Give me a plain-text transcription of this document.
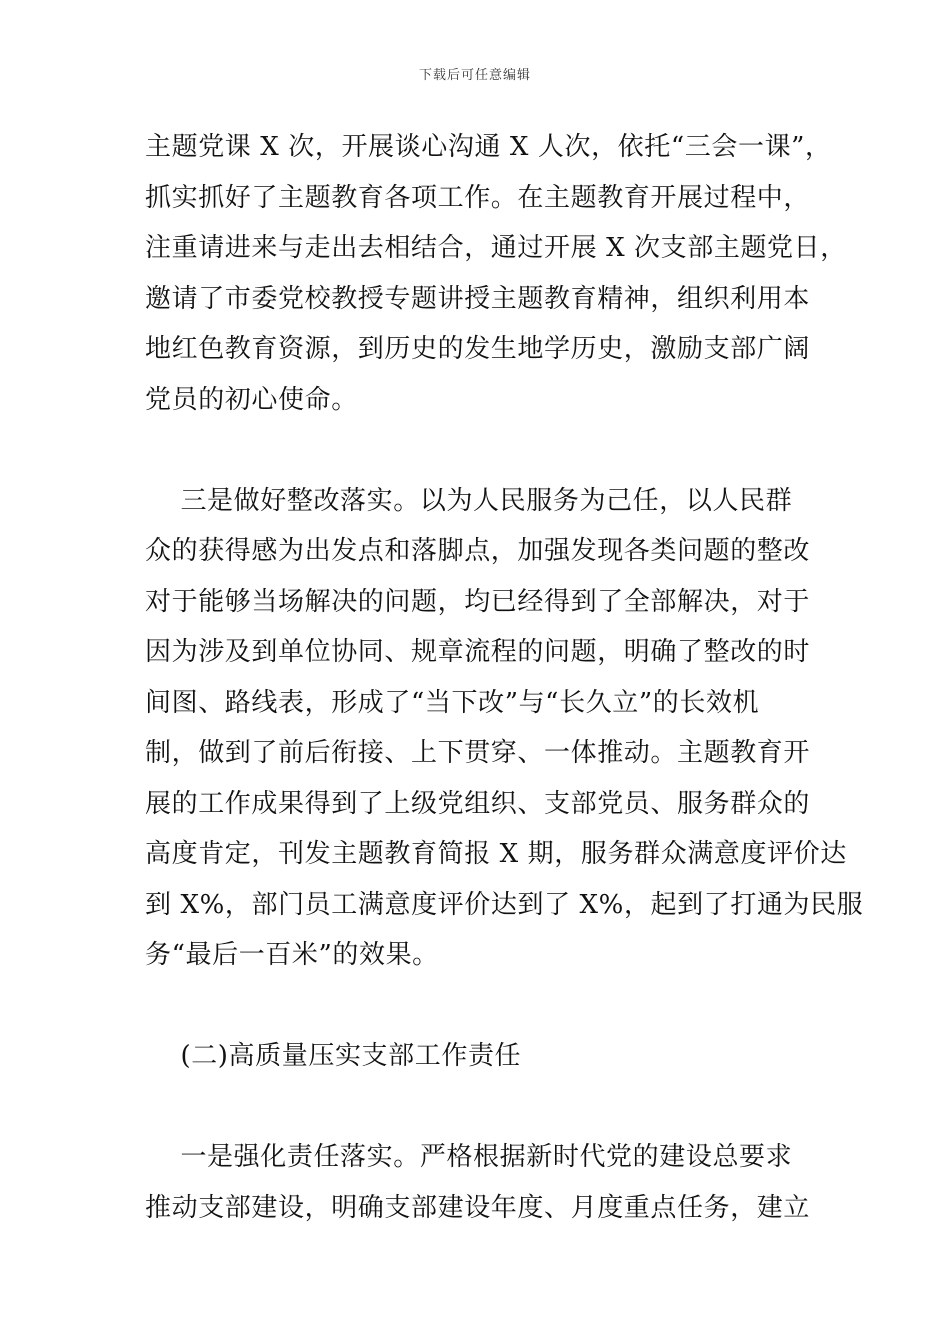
下载后可任意编辑
主题党课 X 次，开展谈心沟通 X 人次，依托“三会一课”，
抓实抓好了主题教育各项工作。在主题教育开展过程中，
注重请进来与走出去相结合，通过开展 X 次支部主题党日，
邀请了市委党校教授专题讲授主题教育精神，组织利用本
地红色教育资源，到历史的发生地学历史，激励支部广阔
党员的初心使命。
三是做好整改落实。以为人民服务为己任，以人民群
众的获得感为出发点和落脚点，加强发现各类问题的整改
对于能够当场解决的问题，均已经得到了全部解决，对于
因为涉及到单位协同、规章流程的问题，明确了整改的时
间图、路线表，形成了“当下改”与“长久立”的长效机
制，做到了前后衔接、上下贯穿、一体推动。主题教育开
展的工作成果得到了上级党组织、支部党员、服务群众的
高度肯定，刊发主题教育简报 X 期，服务群众满意度评价达
到 X%，部门员工满意度评价达到了 X%，起到了打通为民服
务“最后一百米”的效果。
(二)高质量压实支部工作责任
一是强化责任落实。严格根据新时代党的建设总要求
推动支部建设，明确支部建设年度、月度重点任务，建立
